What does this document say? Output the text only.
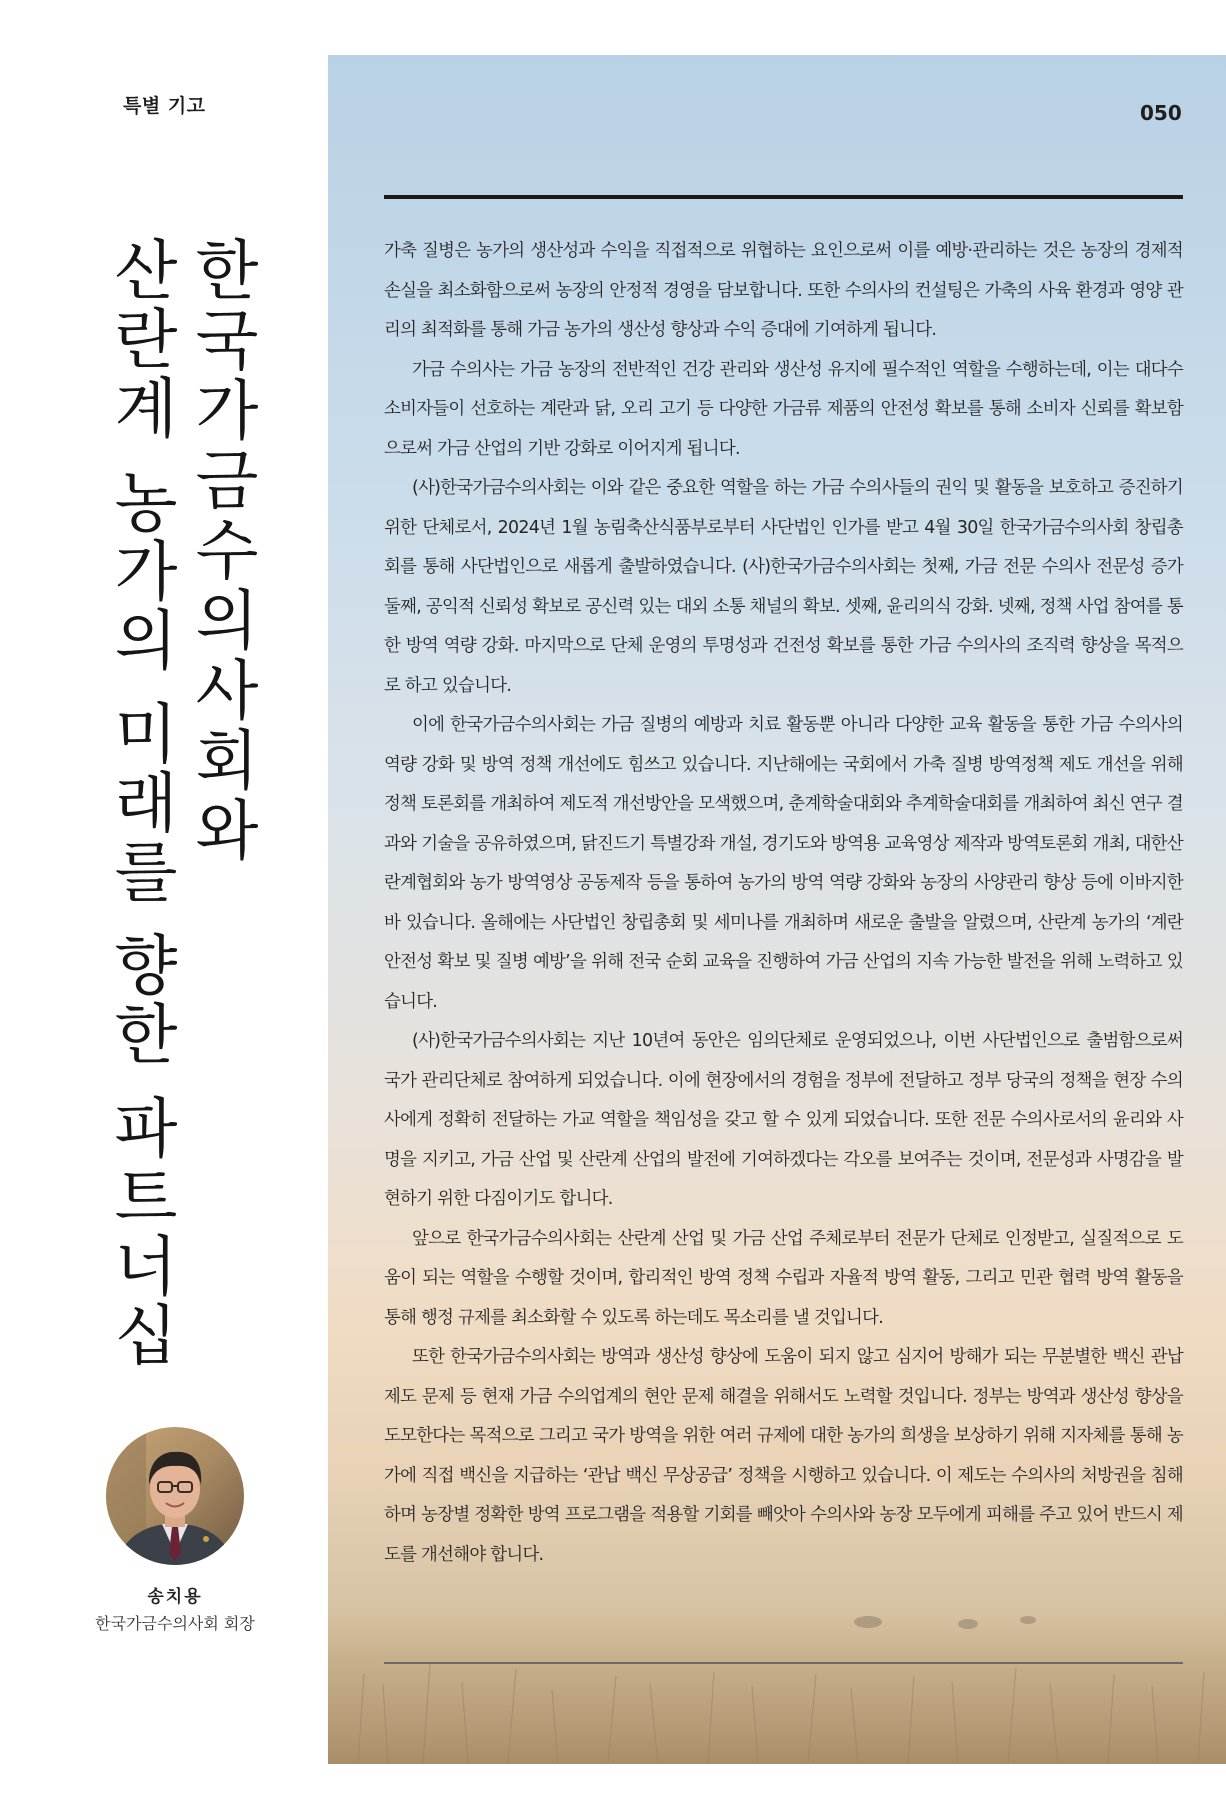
특별 기고
한국가금수의사회와
산란계 농가의 미래를 향한 파트너십
송치용
한국가금수의사회 회장
050

가축 질병은 농가의 생산성과 수익을 직접적으로 위협하는 요인으로써 이를 예방·관리하는 것은 농장의 경제적 손실을 최소화함으로써 농장의 안정적 경영을 담보합니다. 또한 수의사의 컨설팅은 가축의 사육 환경과 영양 관리의 최적화를 통해 가금 농가의 생산성 향상과 수익 증대에 기여하게 됩니다.

가금 수의사는 가금 농장의 전반적인 건강 관리와 생산성 유지에 필수적인 역할을 수행하는데, 이는 대다수 소비자들이 선호하는 계란과 닭, 오리 고기 등 다양한 가금류 제품의 안전성 확보를 통해 소비자 신뢰를 확보함으로써 가금 산업의 기반 강화로 이어지게 됩니다.

(사)한국가금수의사회는 이와 같은 중요한 역할을 하는 가금 수의사들의 권익 및 활동을 보호하고 증진하기 위한 단체로서, 2024년 1월 농림축산식품부로부터 사단법인 인가를 받고 4월 30일 한국가금수의사회 창립총회를 통해 사단법인으로 새롭게 출발하였습니다. (사)한국가금수의사회는 첫째, 가금 전문 수의사 전문성 증가 둘째, 공익적 신뢰성 확보로 공신력 있는 대외 소통 채널의 확보. 셋째, 윤리의식 강화. 넷째, 정책 사업 참여를 통한 방역 역량 강화. 마지막으로 단체 운영의 투명성과 건전성 확보를 통한 가금 수의사의 조직력 향상을 목적으로 하고 있습니다.

이에 한국가금수의사회는 가금 질병의 예방과 치료 활동뿐 아니라 다양한 교육 활동을 통한 가금 수의사의 역량 강화 및 방역 정책 개선에도 힘쓰고 있습니다. 지난해에는 국회에서 가축 질병 방역정책 제도 개선을 위해 정책 토론회를 개최하여 제도적 개선방안을 모색했으며, 춘계학술대회와 추계학술대회를 개최하여 최신 연구 결과와 기술을 공유하였으며, 닭진드기 특별강좌 개설, 경기도와 방역용 교육영상 제작과 방역토론회 개최, 대한산란계협회와 농가 방역영상 공동제작 등을 통하여 농가의 방역 역량 강화와 농장의 사양관리 향상 등에 이바지한 바 있습니다. 올해에는 사단법인 창립총회 및 세미나를 개최하며 새로운 출발을 알렸으며, 산란계 농가의 ‘계란 안전성 확보 및 질병 예방’을 위해 전국 순회 교육을 진행하여 가금 산업의 지속 가능한 발전을 위해 노력하고 있습니다.

(사)한국가금수의사회는 지난 10년여 동안은 임의단체로 운영되었으나, 이번 사단법인으로 출범함으로써 국가 관리단체로 참여하게 되었습니다. 이에 현장에서의 경험을 정부에 전달하고 정부 당국의 정책을 현장 수의사에게 정확히 전달하는 가교 역할을 책임성을 갖고 할 수 있게 되었습니다. 또한 전문 수의사로서의 윤리와 사명을 지키고, 가금 산업 및 산란계 산업의 발전에 기여하겠다는 각오를 보여주는 것이며, 전문성과 사명감을 발현하기 위한 다짐이기도 합니다.

앞으로 한국가금수의사회는 산란계 산업 및 가금 산업 주체로부터 전문가 단체로 인정받고, 실질적으로 도움이 되는 역할을 수행할 것이며, 합리적인 방역 정책 수립과 자율적 방역 활동, 그리고 민관 협력 방역 활동을 통해 행정 규제를 최소화할 수 있도록 하는데도 목소리를 낼 것입니다.

또한 한국가금수의사회는 방역과 생산성 향상에 도움이 되지 않고 심지어 방해가 되는 무분별한 백신 관납 제도 문제 등 현재 가금 수의업계의 현안 문제 해결을 위해서도 노력할 것입니다. 정부는 방역과 생산성 향상을 도모한다는 목적으로 그리고 국가 방역을 위한 여러 규제에 대한 농가의 희생을 보상하기 위해 지자체를 통해 농가에 직접 백신을 지급하는 ‘관납 백신 무상공급’ 정책을 시행하고 있습니다. 이 제도는 수의사의 처방권을 침해하며 농장별 정확한 방역 프로그램을 적용할 기회를 빼앗아 수의사와 농장 모두에게 피해를 주고 있어 반드시 제도를 개선해야 합니다.
